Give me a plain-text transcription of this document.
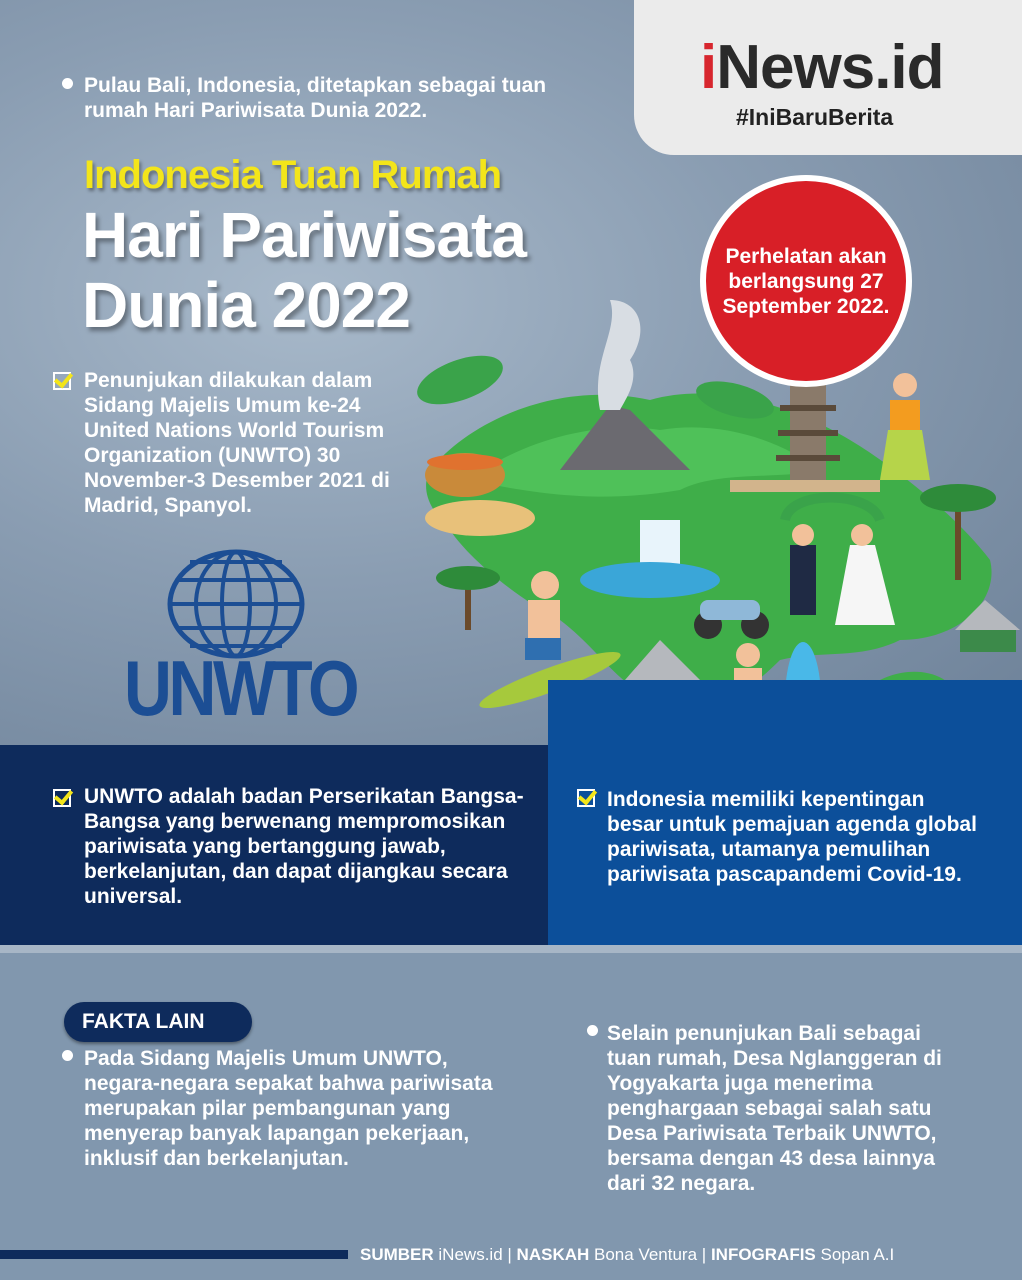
iNews.id
#IniBaruBerita
Pulau Bali, Indonesia, ditetapkan sebagai tuan rumah Hari Pariwisata Dunia 2022.
Indonesia Tuan Rumah
Hari Pariwisata Dunia 2022
Perhelatan akan berlangsung 27 September 2022.
Penunjukan dilakukan dalam Sidang Majelis Umum ke-24 United Nations World Tourism Organization (UNWTO) 30 November-3 Desember 2021 di Madrid, Spanyol.
UNWTO
UNWTO adalah badan Perserikatan Bangsa-Bangsa yang berwenang mempromosikan pariwisata yang bertanggung jawab, berkelanjutan, dan dapat dijangkau secara universal.
Indonesia memiliki kepentingan besar untuk pemajuan agenda global pariwisata, utamanya pemulihan pariwisata pascapandemi Covid-19.
FAKTA LAIN
Pada Sidang Majelis Umum UNWTO, negara-negara sepakat bahwa pariwisata merupakan pilar pembangunan yang menyerap banyak lapangan pekerjaan, inklusif dan berkelanjutan.
Selain penunjukan Bali sebagai tuan rumah, Desa Nglanggeran di Yogyakarta juga menerima penghargaan sebagai salah satu Desa Pariwisata Terbaik UNWTO, bersama dengan 43 desa lainnya dari 32 negara.
SUMBER iNews.id | NASKAH Bona Ventura | INFOGRAFIS Sopan A.I
